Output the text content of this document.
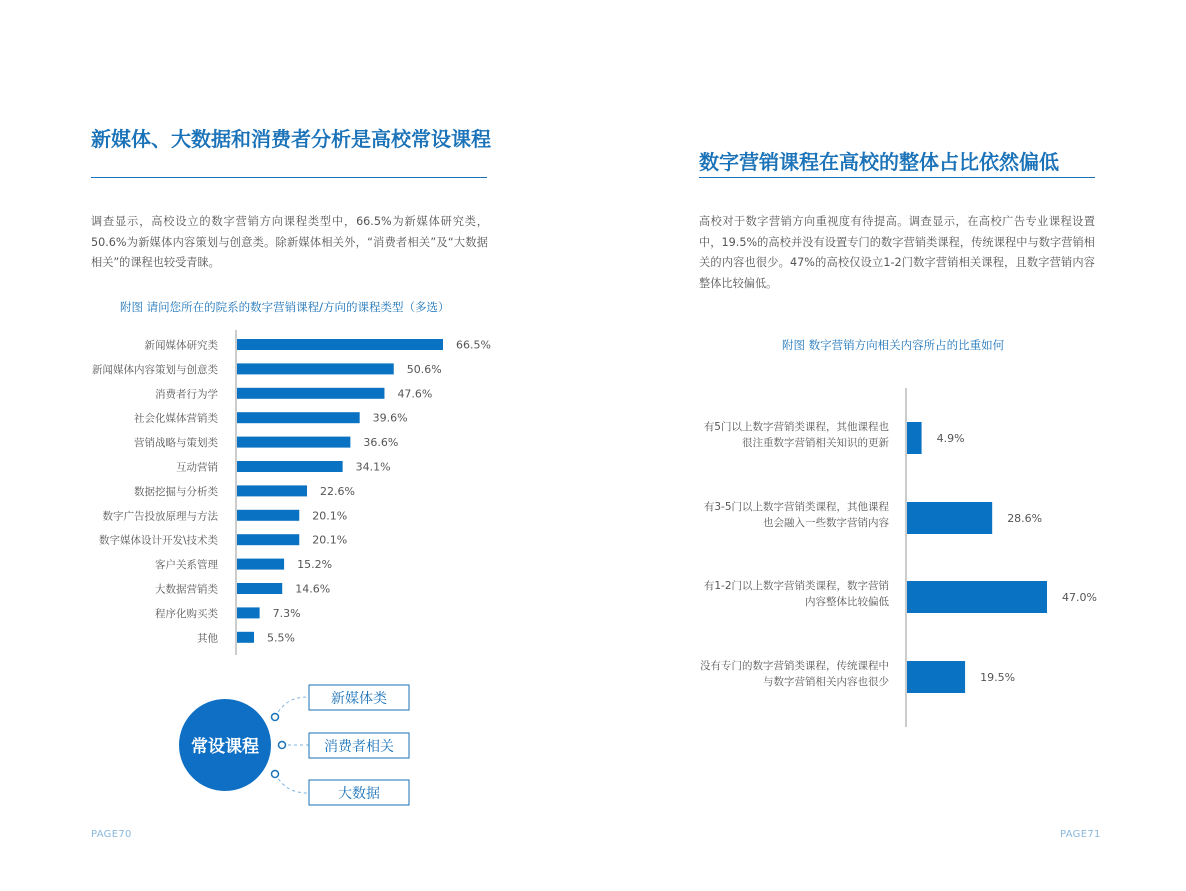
新媒体、大数据和消费者分析是高校常设课程

调查显示，高校设立的数字营销方向课程类型中，66.5%为新媒体研究类，50.6%为新媒体内容策划与创意类。除新媒体相关外，“消费者相关”及“大数据相关”的课程也较受青睐。

附图 请问您所在的院系的数字营销课程/方向的课程类型（多选）
新闻媒体研究类	66.5%
新闻媒体内容策划与创意类	50.6%
消费者行为学	47.6%
社会化媒体营销类	39.6%
营销战略与策划类	36.6%
互动营销	34.1%
数据挖掘与分析类	22.6%
数字广告投放原理与方法	20.1%
数字媒体设计开发\技术类	20.1%
客户关系管理	15.2%
大数据营销类	14.6%
程序化购买类	7.3%
其他	5.5%
常设课程
新媒体类
消费者相关
大数据
PAGE70
数字营销课程在高校的整体占比依然偏低

高校对于数字营销方向重视度有待提高。调查显示，在高校广告专业课程设置中，19.5%的高校并没有设置专门的数字营销类课程，传统课程中与数字营销相关的内容也很少。47%的高校仅设立1-2门数字营销相关课程，且数字营销内容整体比较偏低。

附图 数字营销方向相关内容所占的比重如何
有5门以上数字营销类课程，其他课程也
很注重数字营销相关知识的更新	4.9%
有3-5门以上数字营销类课程，其他课程
也会融入一些数字营销内容	28.6%
有1-2门以上数字营销类课程，数字营销
内容整体比较偏低	47.0%
没有专门的数字营销类课程，传统课程中
与数字营销相关内容也很少	19.5%
PAGE71
